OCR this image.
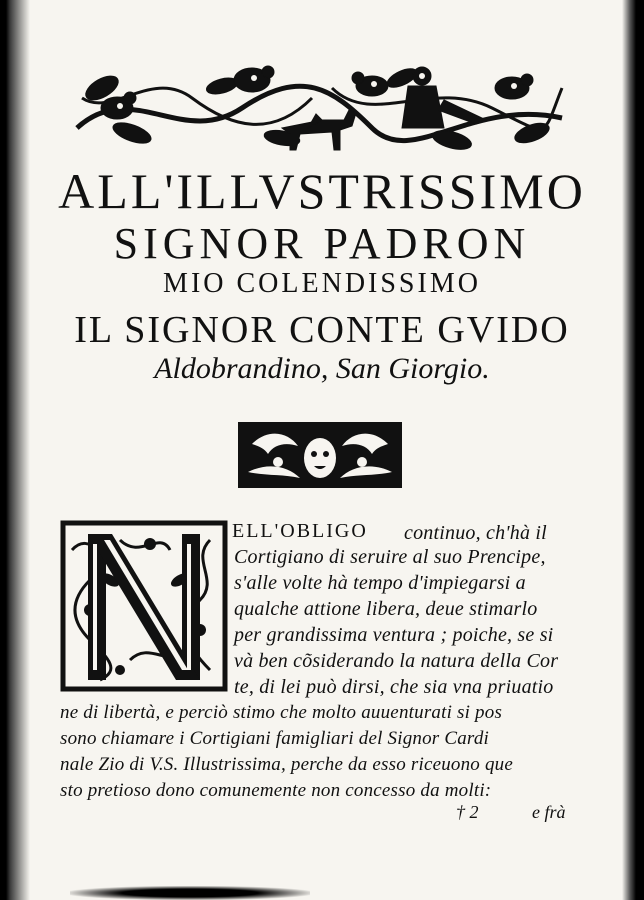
ALL'ILLVSTRISSIMO
SIGNOR PADRON
MIO COLENDISSIMO
IL SIGNOR CONTE GVIDO
Aldobrandino, San Giorgio.
ELL'OBLIGO continuo, ch'hà il
Cortigiano di seruire al suo Prencipe,
s'alle volte hà tempo d'impiegarsi a
qualche attione libera, deue stimarlo
per grandissima ventura ; poiche, se si
và ben cõsiderando la natura della Cor
te, di lei può dirsi, che sia vna priuatio
ne di libertà, e perciò stimo che molto auuenturati si pos
sono chiamare i Cortigiani famigliari del Signor Cardi
nale Zio di V.S. Illustrissima, perche da esso riceuono que
sto pretioso dono comunemente non concesso da molti:
† 2	e frà
